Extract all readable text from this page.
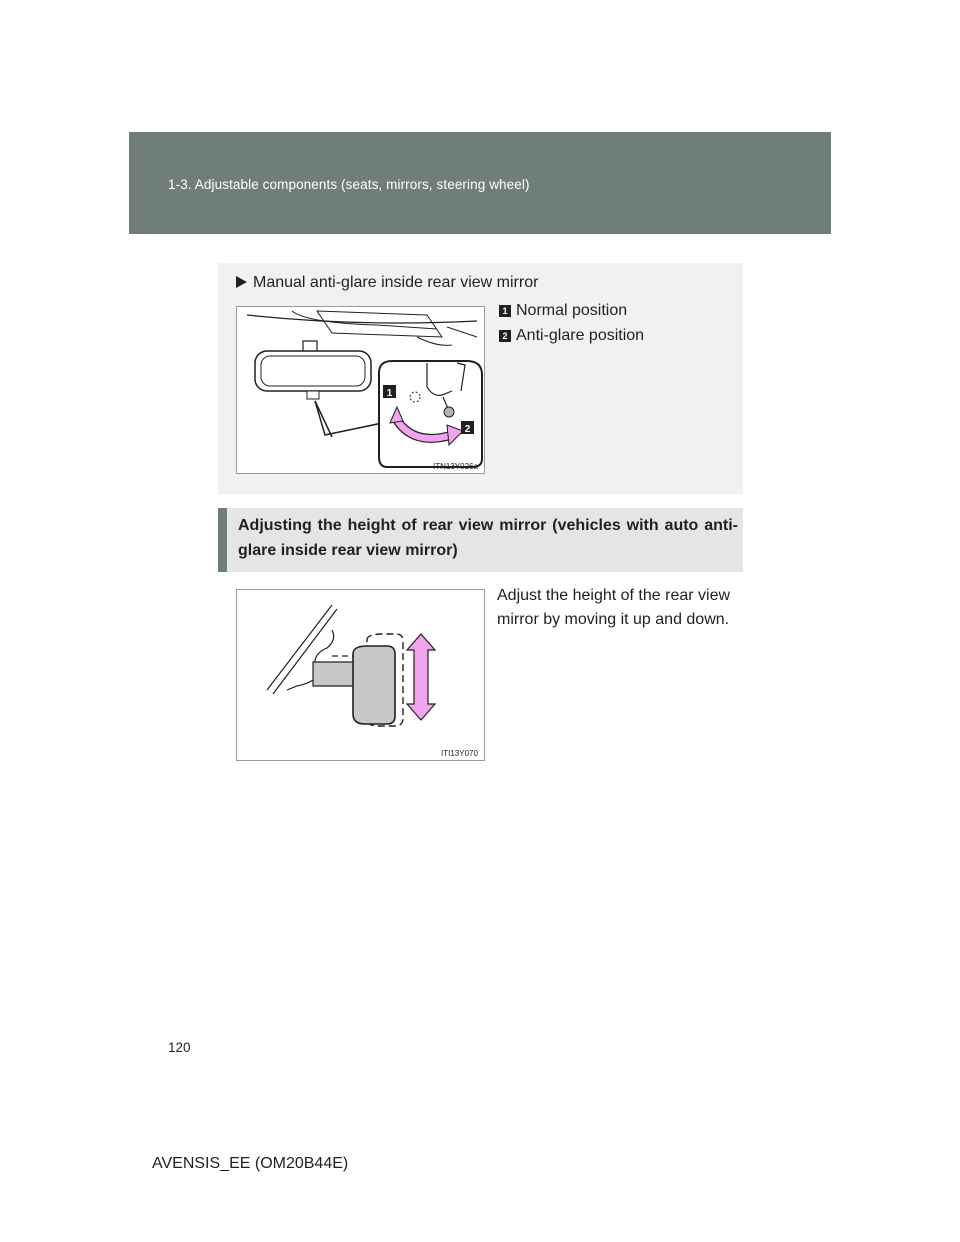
1-3. Adjustable components (seats, mirrors, steering wheel)
Manual anti-glare inside rear view mirror
1 Normal position
2 Anti-glare position
1
2
ITN13Y026a
Adjusting the height of rear view mirror (vehicles with auto anti-glare inside rear view mirror)
Adjust the height of the rear view mirror by moving it up and down.
ITI13Y070
120
AVENSIS_EE (OM20B44E)
